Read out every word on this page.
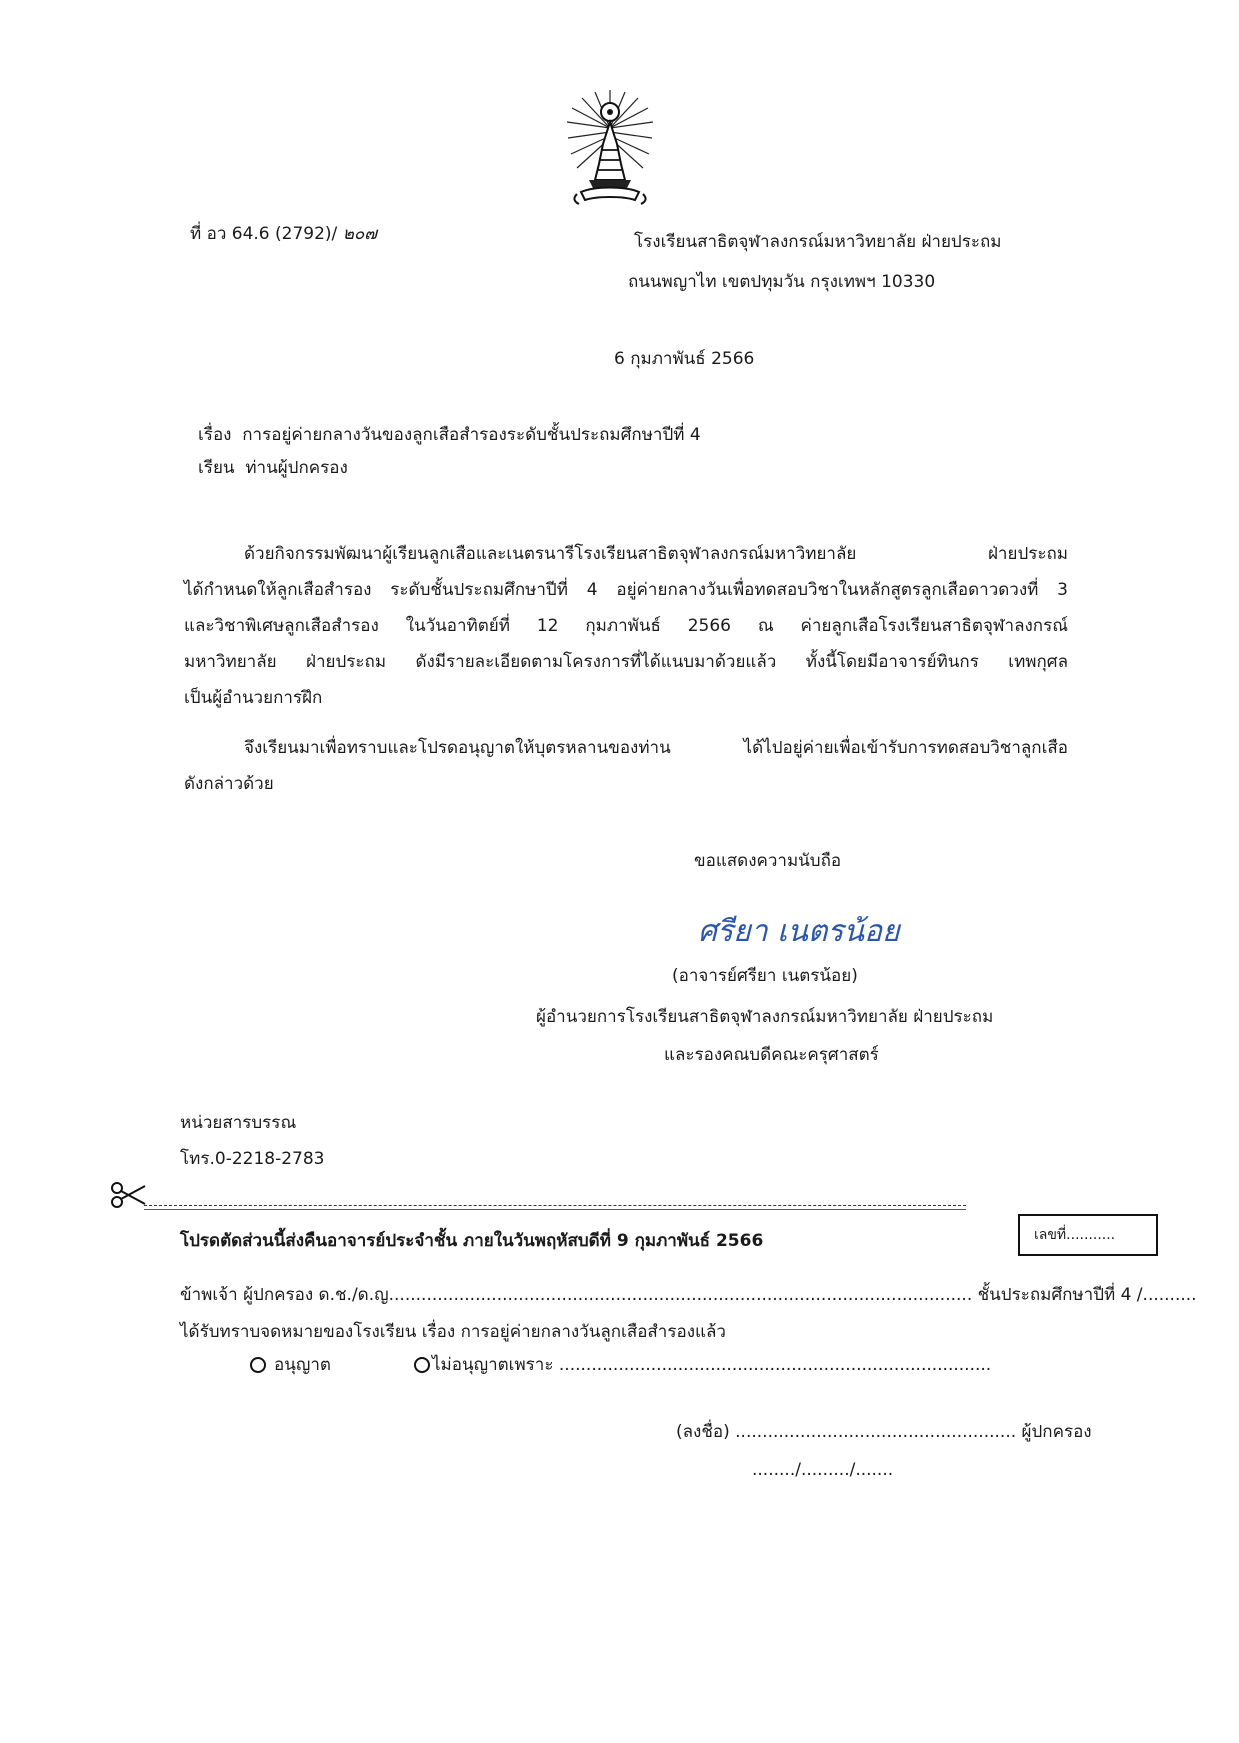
ที่ อว 64.6 (2792)/ ๒๐๗	โรงเรียนสาธิตจุฬาลงกรณ์มหาวิทยาลัย ฝ่ายประถม
ถนนพญาไท เขตปทุมวัน กรุงเทพฯ 10330
6 กุมภาพันธ์ 2566
เรื่อง การอยู่ค่ายกลางวันของลูกเสือสำรองระดับชั้นประถมศึกษาปีที่ 4
เรียน ท่านผู้ปกครอง
ด้วยกิจกรรมพัฒนาผู้เรียนลูกเสือและเนตรนารีโรงเรียนสาธิตจุฬาลงกรณ์มหาวิทยาลัย ฝ่ายประถม
ได้กำหนดให้ลูกเสือสำรอง ระดับชั้นประถมศึกษาปีที่ 4 อยู่ค่ายกลางวันเพื่อทดสอบวิชาในหลักสูตรลูกเสือดาวดวงที่ 3
และวิชาพิเศษลูกเสือสำรอง ในวันอาทิตย์ที่ 12 กุมภาพันธ์ 2566 ณ ค่ายลูกเสือโรงเรียนสาธิตจุฬาลงกรณ์
มหาวิทยาลัย ฝ่ายประถม ดังมีรายละเอียดตามโครงการที่ได้แนบมาด้วยแล้ว ทั้งนี้โดยมีอาจารย์ทินกร เทพกุศล
เป็นผู้อำนวยการฝึก
จึงเรียนมาเพื่อทราบและโปรดอนุญาตให้บุตรหลานของท่าน ได้ไปอยู่ค่ายเพื่อเข้ารับการทดสอบวิชาลูกเสือ
ดังกล่าวด้วย
ขอแสดงความนับถือ
ศรียา เนตรน้อย
(อาจารย์ศรียา เนตรน้อย)
ผู้อำนวยการโรงเรียนสาธิตจุฬาลงกรณ์มหาวิทยาลัย ฝ่ายประถม
และรองคณบดีคณะครุศาสตร์
หน่วยสารบรรณ
โทร.0-2218-2783
โปรดตัดส่วนนี้ส่งคืนอาจารย์ประจำชั้น ภายในวันพฤหัสบดีที่ 9 กุมภาพันธ์ 2566	เลขที่...........
ข้าพเจ้า ผู้ปกครอง ด.ช./ด.ญ............................................................................................................ ชั้นประถมศึกษาปีที่ 4 /..........
ได้รับทราบจดหมายของโรงเรียน เรื่อง การอยู่ค่ายกลางวันลูกเสือสำรองแล้ว
อนุญาต	ไม่อนุญาตเพราะ ................................................................................
(ลงชื่อ) .................................................... ผู้ปกครอง
......../........./.......
